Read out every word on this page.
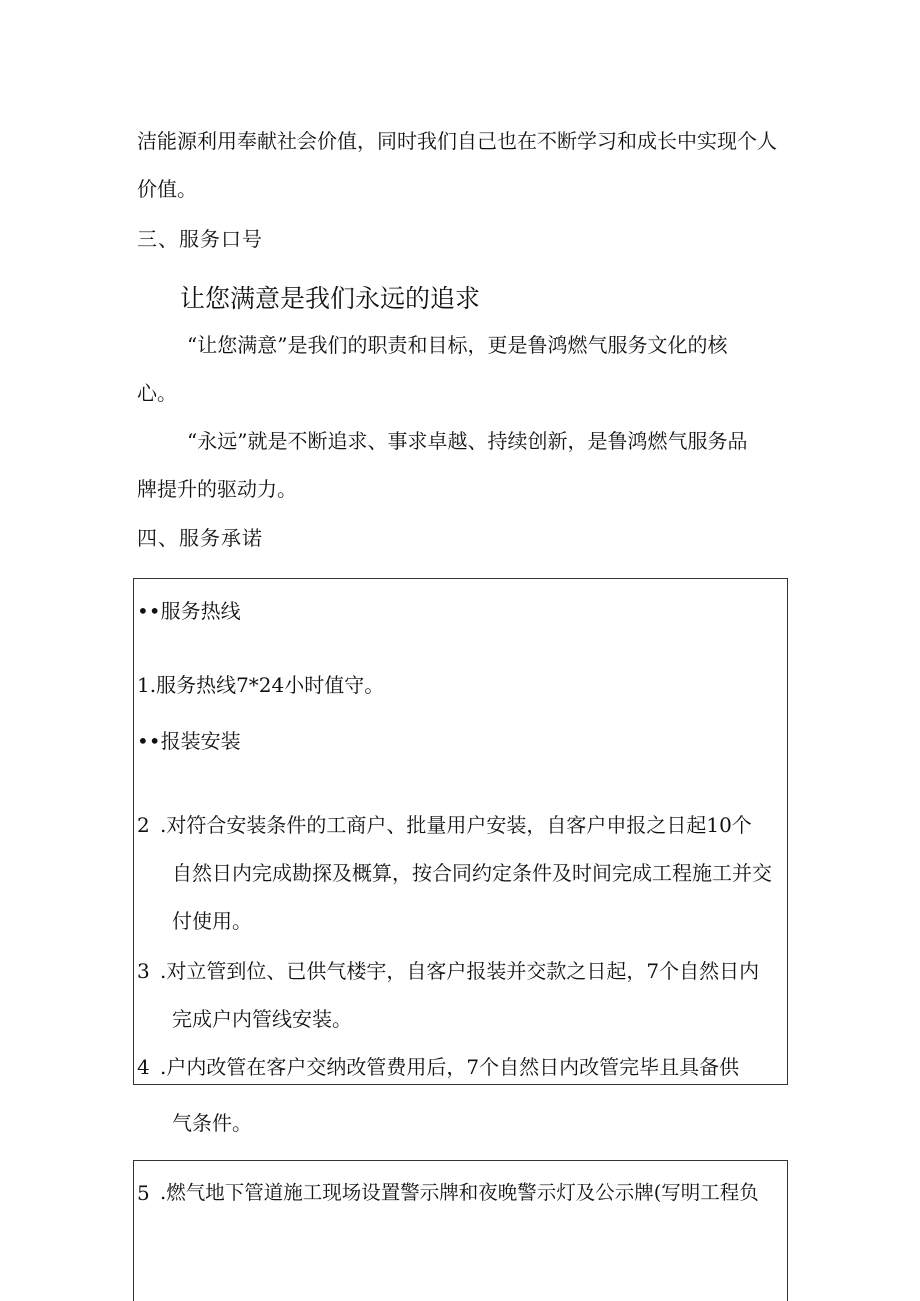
洁能源利用奉献社会价值，同时我们自己也在不断学习和成长中实现个人
价值。
三、服务口号
让您满意是我们永远的追求
“让您满意”是我们的职责和目标，更是鲁鸿燃气服务文化的核
心。
“永远”就是不断追求、事求卓越、持续创新，是鲁鸿燃气服务品
牌提升的驱动力。
四、服务承诺
••服务热线
1.服务热线7*24小时值守。
••报装安装
2 .对符合安装条件的工商户、批量用户安装，自客户申报之日起10个
自然日内完成勘探及概算，按合同约定条件及时间完成工程施工并交
付使用。
3 .对立管到位、已供气楼宇，自客户报装并交款之日起，7个自然日内
完成户内管线安装。
4 .户内改管在客户交纳改管费用后，7个自然日内改管完毕且具备供
气条件。
5 .燃气地下管道施工现场设置警示牌和夜晚警示灯及公示牌(写明工程负
